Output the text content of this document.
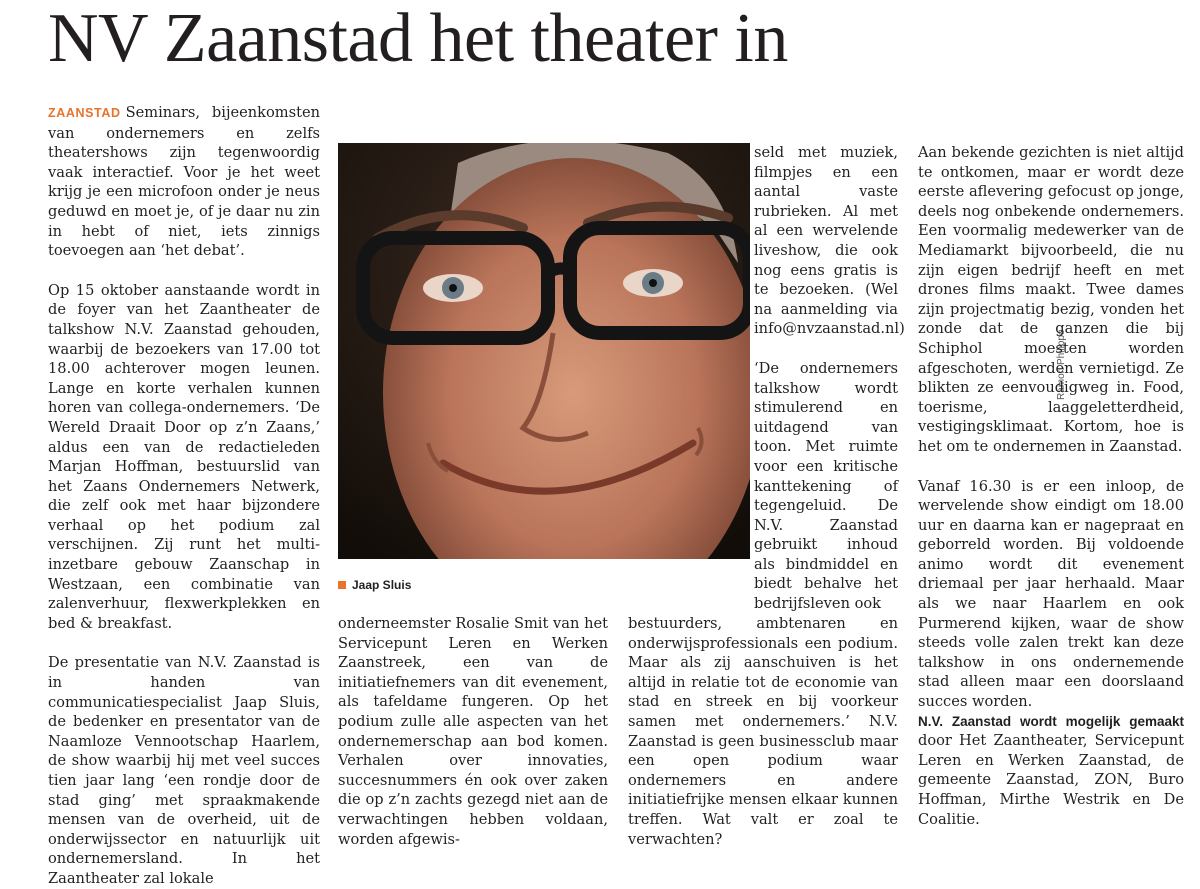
NV Zaanstad het theater in

ZAANSTAD Seminars, bijeenkomsten van ondernemers en zelfs theatershows zijn tegenwoordig vaak interactief. Voor je het weet krijg je een microfoon onder je neus geduwd en moet je, of je daar nu zin in hebt of niet, iets zinnigs toevoegen aan ‘het debat’.

Op 15 oktober aanstaande wordt in de foyer van het Zaantheater de talkshow N.V. Zaanstad gehouden, waarbij de bezoekers van 17.00 tot 18.00 achterover mogen leunen. Lange en korte verhalen kunnen horen van collega-ondernemers. ‘De Wereld Draait Door op z’n Zaans,’ aldus een van de redactieleden Marjan Hoffman, bestuurslid van het Zaans Ondernemers Netwerk, die zelf ook met haar bijzondere verhaal op het podium zal verschijnen. Zij runt het multi-inzetbare gebouw Zaanschap in Westzaan, een combinatie van zalenverhuur, flexwerkplekken en bed & breakfast.

De presentatie van N.V. Zaanstad is in handen van communicatiespecialist Jaap Sluis, de bedenker en presentator van de Naamloze Vennootschap Haarlem, de show waarbij hij met veel succes tien jaar lang ‘een rondje door de stad ging’ met spraakmakende mensen van de overheid, uit de onderwijssector en natuurlijk uit ondernemersland. In het Zaantheater zal lokale

Jaap Sluis
Ramon Philippo

onderneemster Rosalie Smit van het Servicepunt Leren en Werken Zaanstreek, een van de initiatiefnemers van dit evenement, als tafeldame fungeren. Op het podium zulle alle aspecten van het ondernemerschap aan bod komen. Verhalen over innovaties, succesnummers én ook over zaken die op z’n zachts gezegd niet aan de verwachtingen hebben voldaan, worden afgewis-

seld met muziek, filmpjes en een aantal vaste rubrieken. Al met al een wervelende liveshow, die ook nog eens gratis is te bezoeken. (Wel na aanmelding via info@nvzaanstad.nl)

‘De ondernemers talkshow wordt stimulerend en uitdagend van toon. Met ruimte voor een kritische kanttekening of tegengeluid. De N.V. Zaanstad gebruikt inhoud als bindmiddel en biedt behalve het bedrijfsleven ook

bestuurders, ambtenaren en onderwijsprofessionals een podium. Maar als zij aanschuiven is het altijd in relatie tot de economie van stad en streek en bij voorkeur samen met ondernemers.’ N.V. Zaanstad is geen businessclub maar een open podium waar ondernemers en andere initiatiefrijke mensen elkaar kunnen treffen. Wat valt er zoal te verwachten?

Aan bekende gezichten is niet altijd te ontkomen, maar er wordt deze eerste aflevering gefocust op jonge, deels nog onbekende ondernemers. Een voormalig medewerker van de Mediamarkt bijvoorbeeld, die nu zijn eigen bedrijf heeft en met drones films maakt. Twee dames zijn projectmatig bezig, vonden het zonde dat de ganzen die bij Schiphol moesten worden afgeschoten, werden vernietigd. Ze blikten ze eenvoudigweg in. Food, toerisme, laaggeletterdheid, vestigingsklimaat. Kortom, hoe is het om te ondernemen in Zaanstad.

Vanaf 16.30 is er een inloop, de wervelende show eindigt om 18.00 uur en daarna kan er nagepraat en geborreld worden. Bij voldoende animo wordt dit evenement driemaal per jaar herhaald. Maar als we naar Haarlem en ook Purmerend kijken, waar de show steeds volle zalen trekt kan deze talkshow in ons ondernemende stad alleen maar een doorslaand succes worden.

N.V. Zaanstad wordt mogelijk gemaakt door Het Zaantheater, Servicepunt Leren en Werken Zaanstad, de gemeente Zaanstad, ZON, Buro Hoffman, Mirthe Westrik en De Coalitie.
